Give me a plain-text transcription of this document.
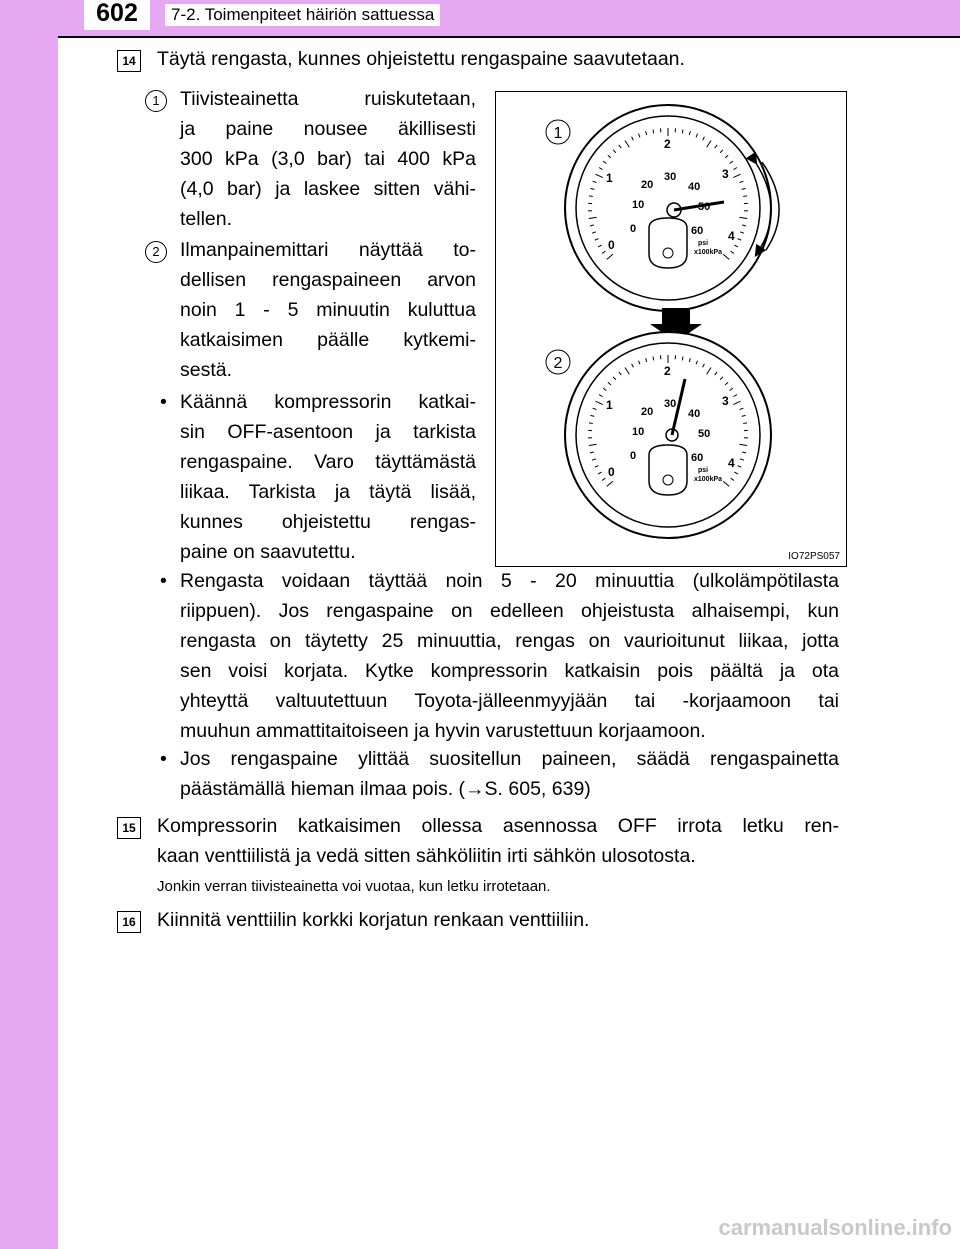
602	7-2. Toimenpiteet häiriön sattuessa
14 Täytä rengasta, kunnes ohjeistettu rengaspaine saavutetaan.
1	Tiivisteainetta ruiskutetaan,
ja paine nousee äkillisesti
300 kPa (3,0 bar) tai 400 kPa
(4,0 bar) ja laskee sitten vähi-
tellen.
2	Ilmanpainemittari näyttää to-
dellisen rengaspaineen arvon
noin 1 - 5 minuutin kuluttua
katkaisimen päälle kytkemi-
sestä.
• Käännä kompressorin katkai-
sin OFF-asentoon ja tarkista
rengaspaine. Varo täyttämästä
liikaa. Tarkista ja täytä lisää,
kunnes ohjeistettu rengas-
paine on saavutettu.
• Rengasta voidaan täyttää noin 5 - 20 minuuttia (ulkolämpötilasta
riippuen). Jos rengaspaine on edelleen ohjeistusta alhaisempi, kun
rengasta on täytetty 25 minuuttia, rengas on vaurioitunut liikaa, jotta
sen voisi korjata. Kytke kompressorin katkaisin pois päältä ja ota
yhteyttä valtuutettuun Toyota-jälleenmyyjään tai -korjaamoon tai
muuhun ammattitaitoiseen ja hyvin varustettuun korjaamoon.
• Jos rengaspaine ylittää suositellun paineen, säädä rengaspainetta
päästämällä hieman ilmaa pois. (→S. 605, 639)
15 Kompressorin katkaisimen ollessa asennossa OFF irrota letku ren-
kaan venttiilistä ja vedä sitten sähköliitin irti sähkön ulosotosta.
Jonkin verran tiivisteainetta voi vuotaa, kun letku irrotetaan.
16 Kiinnitä venttiilin korkki korjatun renkaan venttiiliin.
1
2
0
1
2
3
4
0
10
20
30
40
50
60
psi
x100kPa
0
1
2
3
4
0
10
20
30
40
50
60
psi
x100kPa
IO72PS057
carmanualsonline.info
